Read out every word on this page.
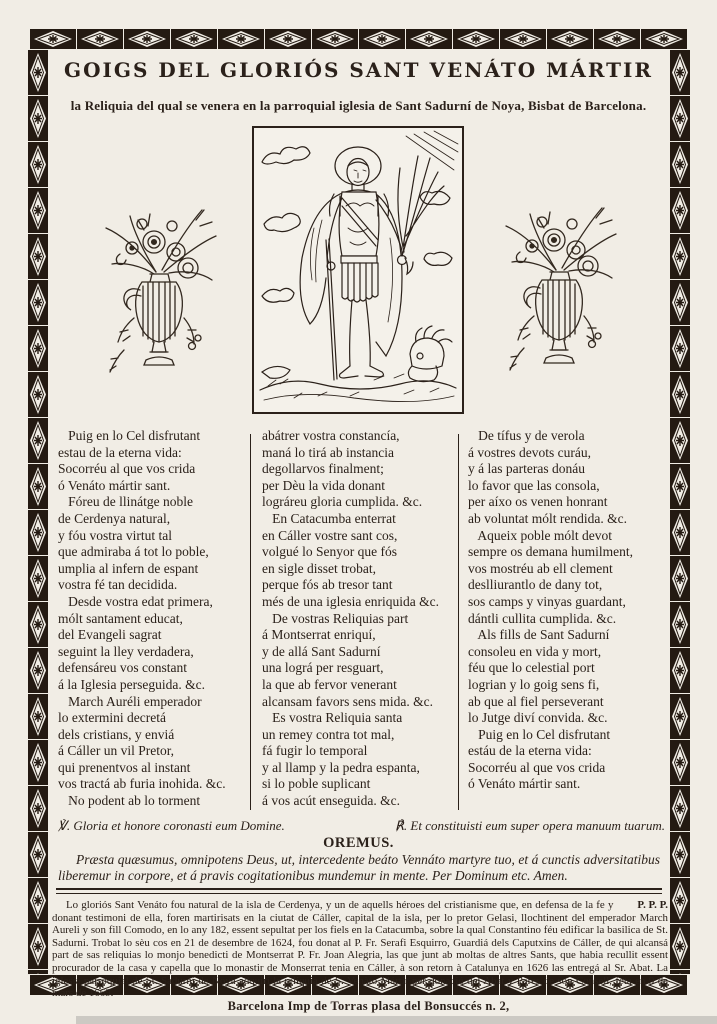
GOIGS DEL GLORIÓS SANT VENÁTO MÁRTIR
la Reliquia del qual se venera en la parroquial iglesia de Sant Sadurní de Noya, Bisbat de Barcelona.
Puig en lo Cel disfrutant
estau de la eterna vida:
Socorréu al que vos crida
ó Venáto mártir sant.
Fóreu de llinátge noble
de Cerdenya natural,
y fóu vostra virtut tal
que admiraba á tot lo poble,
umplia al infern de espant
vostra fé tan decidida.
Desde vostra edat primera,
mólt santament educat,
del Evangeli sagrat
seguint la lley verdadera,
defensáreu vos constant
á la Iglesia perseguida. &c.
March Auréli emperador
lo extermini decretá
dels cristians, y enviá
á Cáller un vil Pretor,
qui prenentvos al instant
vos tractá ab furia inohida. &c.
No podent ab lo torment
abátrer vostra constancía,
maná lo tirá ab instancia
degollarvos finalment;
per Dèu la vida donant
lográreu gloria cumplida. &c.
En Catacumba enterrat
en Cáller vostre sant cos,
volgué lo Senyor que fós
en sigle disset trobat,
perque fós ab tresor tant
més de una iglesia enriquida &c.
De vostras Reliquias part
á Montserrat enriquí,
y de allá Sant Sadurní
una lográ per resguart,
la que ab fervor venerant
alcansam favors sens mida. &c.
Es vostra Reliquia santa
un remey contra tot mal,
fá fugir lo temporal
y al llamp y la pedra espanta,
si lo poble suplicant
á vos acút enseguida. &c.
De tífus y de verola
á vostres devots curáu,
y á las parteras donáu
lo favor que las consola,
per aíxo os venen honrant
ab voluntat mólt rendida. &c.
Aqueix poble mólt devot
sempre os demana humilment,
vos mostréu ab ell clement
deslliurantlo de dany tot,
sos camps y vinyas guardant,
dántli cullita cumplida. &c.
Als fills de Sant Sadurní
consoleu en vida y mort,
féu que lo celestial port
logrian y lo goig sens fi,
ab que al fiel perseverant
lo Jutge diví convida. &c.
Puig en lo Cel disfrutant
estáu de la eterna vida:
Socorréu al que vos crida
ó Venáto mártir sant.
℣. Gloria et honore coronasti eum Domine.	℟. Et constituisti eum super opera manuum tuarum.
OREMUS.
Præsta quæsumus, omnipotens Deus, ut, intercedente beáto Vennáto martyre tuo, et á cunctis adversitatibus liberemur in corpore, et á pravis cogitationibus mundemur in mente. Per Dominum etc. Amen.
P. P. P.
Lo gloriós Sant Venáto fou natural de la isla de Cerdenya, y un de aquells héroes del cristianisme que, en defensa de la fe y donant testimoni de ella, foren martirisats en la ciutat de Cáller, capital de la isla, per lo pretor Gelasi, llochtinent del emperador March Aureli y son fill Comodo, en lo any 182, essent sepultat per los fiels en la Catacumba, sobre la qual Constantino féu edificar la basilica de St. Sadurni. Trobat lo sèu cos en 21 de desembre de 1624, fou donat al P. Fr. Serafi Esquirro, Guardiá dels Caputxins de Cáller, de qui alcansá part de sas reliquias lo monjo benedicti de Montserrat P. Fr. Joan Alegria, las que junt ab moltas de altres Sants, que habia recullit essent procurador de la casa y capella que lo monastir de Monserrat tenia en Cáller, à son retorn à Catalunya en 1626 las entregá al Sr. Abat. La iglesia parroquial de St. Sadurní de Noya adquirí la reliquia de S. Venàto Mártir per donació del Abat y Pares de son Consell, feta en 9 de mars de 1669.
Barcelona Imp de Torras plasa del Bonsuccés n. 2,
